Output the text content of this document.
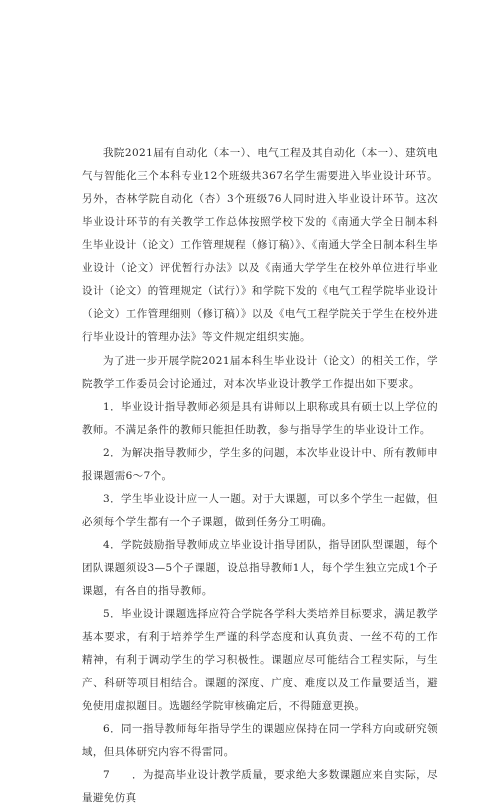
我院2021届有自动化（本一）、电气工程及其自动化（本一）、建筑电气与智能化三个本科专业12个班级共367名学生需要进入毕业设计环节。另外，杏林学院自动化（杏）3个班级76人同时进入毕业设计环节。这次毕业设计环节的有关教学工作总体按照学校下发的《南通大学全日制本科生毕业设计（论文）工作管理规程（修订稿）》、《南通大学全日制本科生毕业设计（论文）评优暂行办法》以及《南通大学学生在校外单位进行毕业设计（论文）的管理规定（试行）》和学院下发的《电气工程学院毕业设计（论文）工作管理细则（修订稿）》以及《电气工程学院关于学生在校外进行毕业设计的管理办法》等文件规定组织实施。

为了进一步开展学院2021届本科生毕业设计（论文）的相关工作，学院教学工作委员会讨论通过，对本次毕业设计教学工作提出如下要求。

1．毕业设计指导教师必须是具有讲师以上职称或具有硕士以上学位的教师。不满足条件的教师只能担任助教，参与指导学生的毕业设计工作。

2．为解决指导教师少，学生多的问题，本次毕业设计中、所有教师申报课题需6～7个。

3．学生毕业设计应一人一题。对于大课题，可以多个学生一起做，但必须每个学生都有一个子课题，做到任务分工明确。

4．学院鼓励指导教师成立毕业设计指导团队，指导团队型课题，每个团队课题须设3—5个子课题，设总指导教师1人，每个学生独立完成1个子课题，有各自的指导教师。

5．毕业设计课题选择应符合学院各学科大类培养目标要求，满足教学基本要求，有利于培养学生严谨的科学态度和认真负责、一丝不苟的工作精神，有利于调动学生的学习积极性。课题应尽可能结合工程实际，与生产、科研等项目相结合。课题的深度、广度、难度以及工作量要适当，避免使用虚拟题目。选题经学院审核确定后，不得随意更换。

6．同一指导教师每年指导学生的课题应保持在同一学科方向或研究领域，但具体研究内容不得雷同。

7　　．为提高毕业设计教学质量，要求绝大多数课题应来自实际，尽量避免仿真
